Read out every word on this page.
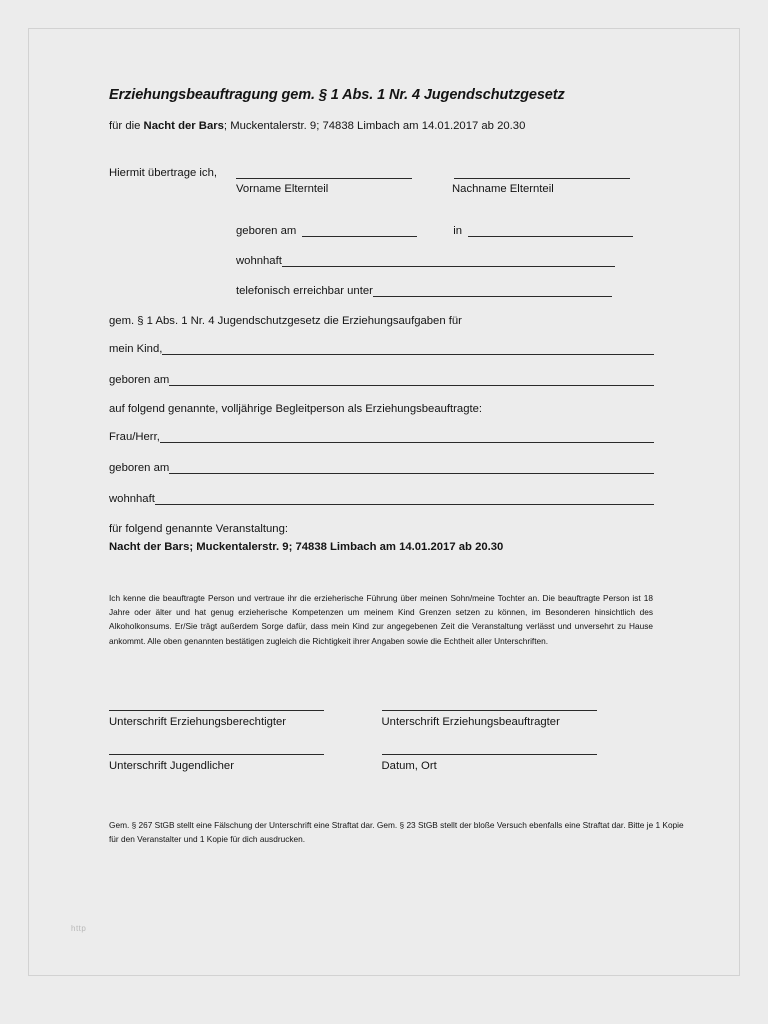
Erziehungsbeauftragung gem. § 1 Abs. 1 Nr. 4 Jugendschutzgesetz

für die Nacht der Bars; Muckentalerstr. 9; 74838 Limbach am 14.01.2017 ab 20.30

Hiermit übertrage ich,
Vorname Elternteil	Nachname Elternteil
geboren am	in
wohnhaft
telefonisch erreichbar unter

gem. § 1 Abs. 1 Nr. 4 Jugendschutzgesetz die Erziehungsaufgaben für

mein Kind,
geboren am

auf folgend genannte, volljährige Begleitperson als Erziehungsbeauftragte:

Frau/Herr,
geboren am
wohnhaft

für folgend genannte Veranstaltung:

Nacht der Bars; Muckentalerstr. 9; 74838 Limbach am 14.01.2017 ab 20.30

Ich kenne die beauftragte Person und vertraue ihr die erzieherische Führung über meinen Sohn/meine Tochter an. Die beauftragte Person ist 18 Jahre oder älter und hat genug erzieherische Kompetenzen um meinem Kind Grenzen setzen zu können, im Besonderen hinsichtlich des Alkoholkonsums. Er/Sie trägt außerdem Sorge dafür, dass mein Kind zur angegebenen Zeit die Veranstaltung verlässt und unversehrt zu Hause ankommt. Alle oben genannten bestätigen zugleich die Richtigkeit ihrer Angaben sowie die Echtheit aller Unterschriften.

Unterschrift Erziehungsberechtigter	Unterschrift Erziehungsbeauftragter
Unterschrift Jugendlicher	Datum, Ort

Gem. § 267 StGB stellt eine Fälschung der Unterschrift eine Straftat dar. Gem. § 23 StGB stellt der bloße Versuch ebenfalls eine Straftat dar. Bitte je 1 Kopie für den Veranstalter und 1 Kopie für dich ausdrucken.

http
